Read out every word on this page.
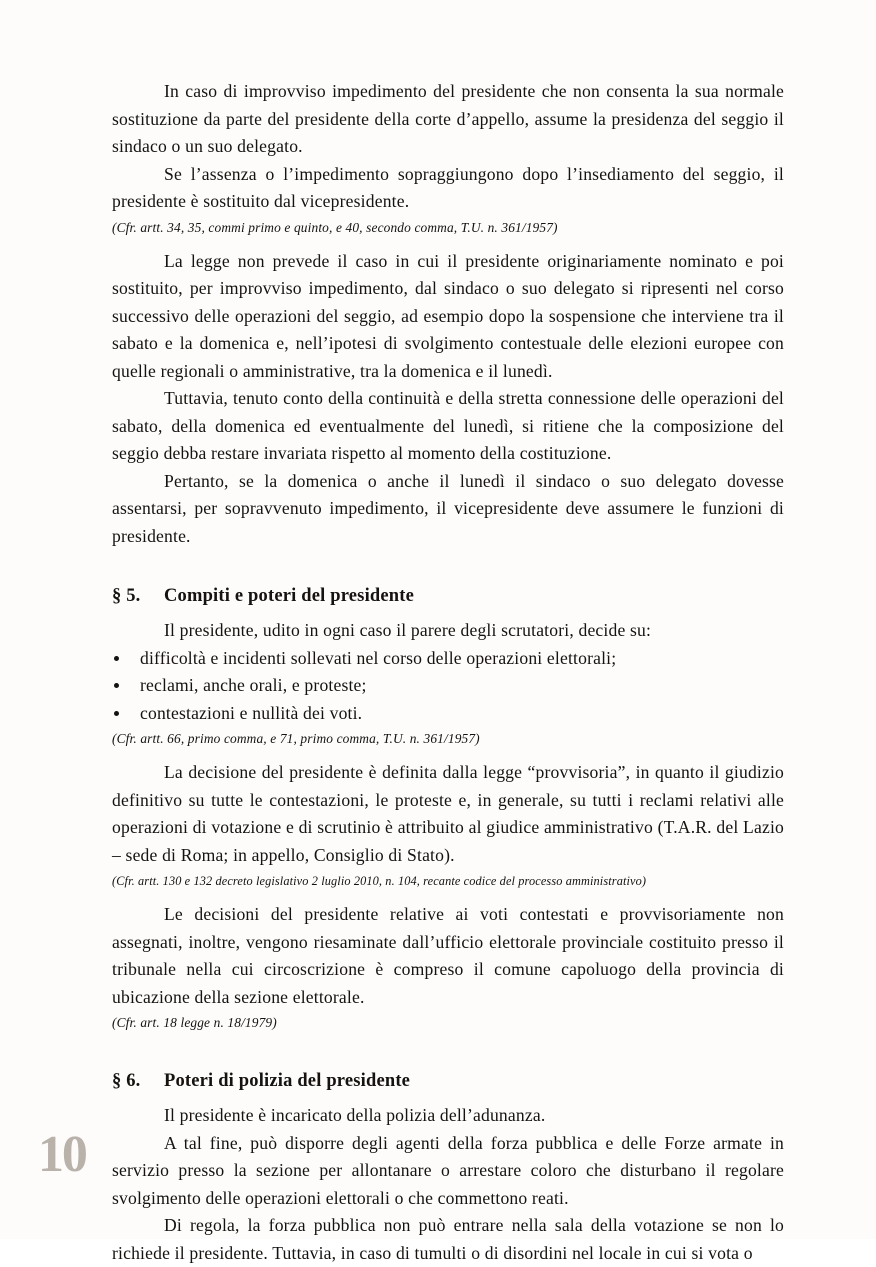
In caso di improvviso impedimento del presidente che non consenta la sua normale sostituzione da parte del presidente della corte d’appello, assume la presidenza del seggio il sindaco o un suo delegato.

Se l’assenza o l’impedimento sopraggiungono dopo l’insediamento del seggio, il presidente è sostituito dal vicepresidente.

(Cfr. artt. 34, 35, commi primo e quinto, e 40, secondo comma, T.U. n. 361/1957)

La legge non prevede il caso in cui il presidente originariamente nominato e poi sostituito, per improvviso impedimento, dal sindaco o suo delegato si ripresenti nel corso successivo delle operazioni del seggio, ad esempio dopo la sospensione che interviene tra il sabato e la domenica e, nell’ipotesi di svolgimento contestuale delle elezioni europee con quelle regionali o amministrative, tra la domenica e il lunedì.

Tuttavia, tenuto conto della continuità e della stretta connessione delle operazioni del sabato, della domenica ed eventualmente del lunedì, si ritiene che la composizione del seggio debba restare invariata rispetto al momento della costituzione.

Pertanto, se la domenica o anche il lunedì il sindaco o suo delegato dovesse assentarsi, per sopravvenuto impedimento, il vicepresidente deve assumere le funzioni di presidente.

§ 5. Compiti e poteri del presidente

Il presidente, udito in ogni caso il parere degli scrutatori, decide su:

difficoltà e incidenti sollevati nel corso delle operazioni elettorali;
reclami, anche orali, e proteste;
contestazioni e nullità dei voti.

(Cfr. artt. 66, primo comma, e 71, primo comma, T.U. n. 361/1957)

La decisione del presidente è definita dalla legge “provvisoria”, in quanto il giudizio definitivo su tutte le contestazioni, le proteste e, in generale, su tutti i reclami relativi alle operazioni di votazione e di scrutinio è attribuito al giudice amministrativo (T.A.R. del Lazio – sede di Roma; in appello, Consiglio di Stato).

(Cfr. artt. 130 e 132 decreto legislativo 2 luglio 2010, n. 104, recante codice del processo amministrativo)

Le decisioni del presidente relative ai voti contestati e provvisoriamente non assegnati, inoltre, vengono riesaminate dall’ufficio elettorale provinciale costituito presso il tribunale nella cui circoscrizione è compreso il comune capoluogo della provincia di ubicazione della sezione elettorale.

(Cfr. art. 18 legge n. 18/1979)

§ 6. Poteri di polizia del presidente

Il presidente è incaricato della polizia dell’adunanza.

A tal fine, può disporre degli agenti della forza pubblica e delle Forze armate in servizio presso la sezione per allontanare o arrestare coloro che disturbano il regolare svolgimento delle operazioni elettorali o che commettono reati.

Di regola, la forza pubblica non può entrare nella sala della votazione se non lo richiede il presidente. Tuttavia, in caso di tumulti o di disordini nel locale in cui si vota o

10
